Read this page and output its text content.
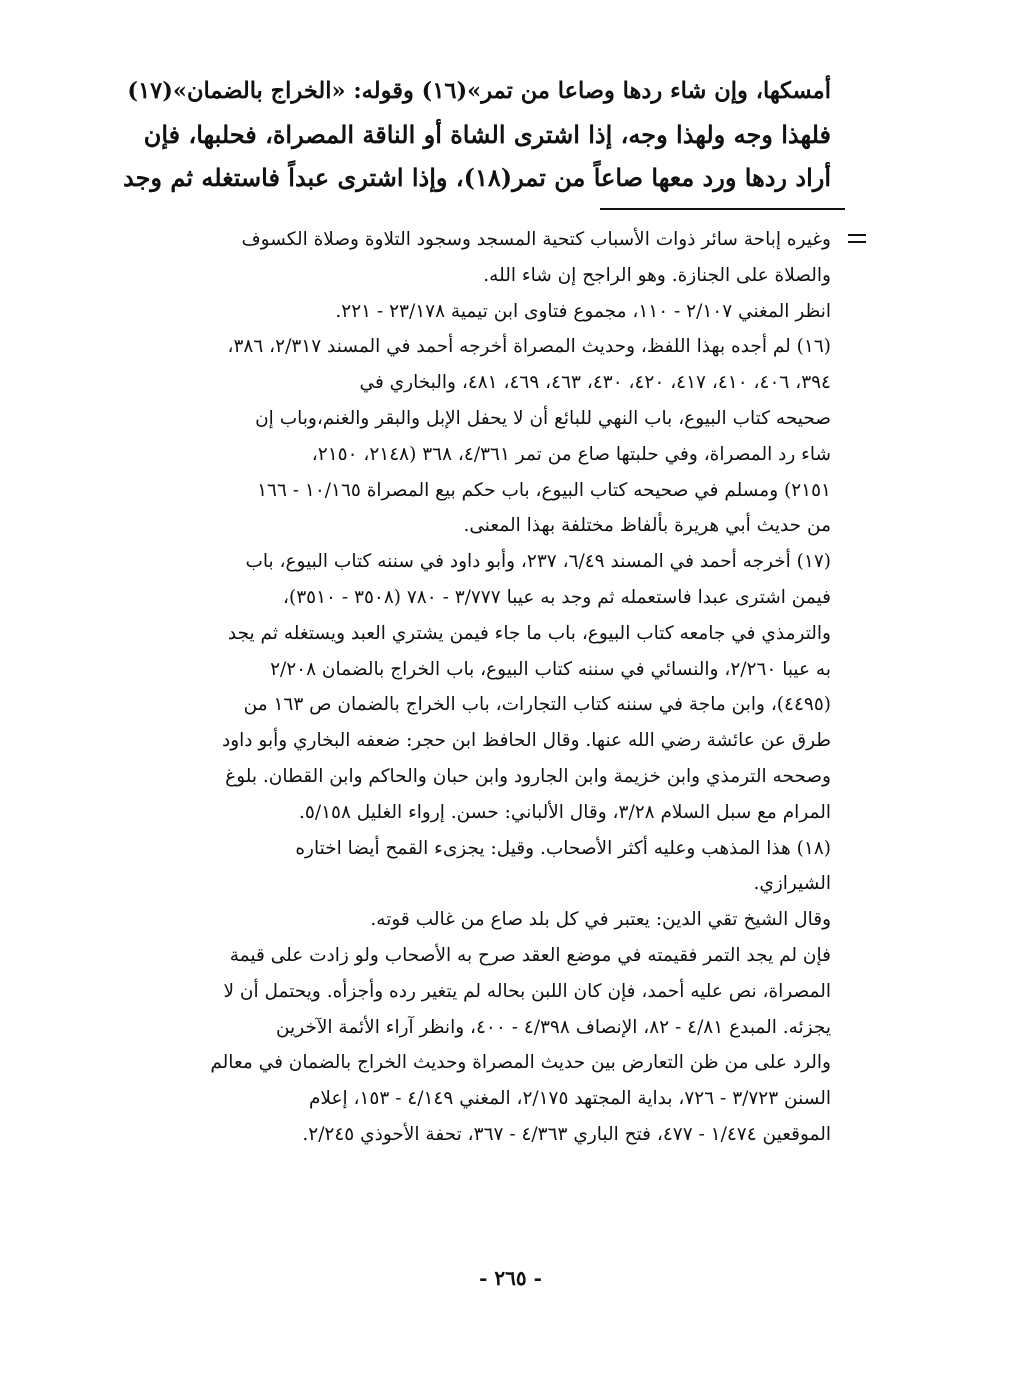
أمسكها، وإن شاء ردها وصاعا من تمر»(١٦) وقوله: «الخراج بالضمان»(١٧)
فلهذا وجه ولهذا وجه، إذا اشترى الشاة أو الناقة المصراة، فحلبها، فإن
أراد ردها ورد معها صاعاً من تمر(١٨)، وإذا اشترى عبداً فاستغله ثم وجد
وغيره إباحة سائر ذوات الأسباب كتحية المسجد وسجود التلاوة وصلاة الكسوف
والصلاة على الجنازة. وهو الراجح إن شاء الله.
انظر المغني ٢/١٠٧ - ١١٠، مجموع فتاوى ابن تيمية ٢٣/١٧٨ - ٢٢١.
(١٦) لم أجده بهذا اللفظ، وحديث المصراة أخرجه أحمد في المسند ٢/٣١٧، ٣٨٦،
٣٩٤، ٤٠٦، ٤١٠، ٤١٧، ٤٢٠، ٤٣٠، ٤٦٣، ٤٦٩، ٤٨١، والبخاري في
صحيحه كتاب البيوع، باب النهي للبائع أن لا يحفل الإبل والبقر والغنم،وباب إن
شاء رد المصراة، وفي حلبتها صاع من تمر ٤/٣٦١، ٣٦٨ (٢١٤٨، ٢١٥٠،
٢١٥١) ومسلم في صحيحه كتاب البيوع، باب حكم بيع المصراة ١٠/١٦٥ - ١٦٦
من حديث أبي هريرة بألفاظ مختلفة بهذا المعنى.
(١٧) أخرجه أحمد في المسند ٦/٤٩، ٢٣٧، وأبو داود في سننه كتاب البيوع، باب
فيمن اشترى عبدا فاستعمله ثم وجد به عيبا ٣/٧٧٧ - ٧٨٠ (٣٥٠٨ - ٣٥١٠)،
والترمذي في جامعه كتاب البيوع، باب ما جاء فيمن يشتري العبد ويستغله ثم يجد
به عيبا ٢/٢٦٠، والنسائي في سننه كتاب البيوع، باب الخراج بالضمان ٢/٢٠٨
(٤٤٩٥)، وابن ماجة في سننه كتاب التجارات، باب الخراج بالضمان ص ١٦٣ من
طرق عن عائشة رضي الله عنها. وقال الحافظ ابن حجر: ضعفه البخاري وأبو داود
وصححه الترمذي وابن خزيمة وابن الجارود وابن حبان والحاكم وابن القطان. بلوغ
المرام مع سبل السلام ٣/٢٨، وقال الألباني: حسن. إرواء الغليل ٥/١٥٨.
(١٨) هذا المذهب وعليه أكثر الأصحاب. وقيل: يجزىء القمح أيضا اختاره
الشيرازي.
وقال الشيخ تقي الدين: يعتبر في كل بلد صاع من غالب قوته.
فإن لم يجد التمر فقيمته في موضع العقد صرح به الأصحاب ولو زادت على قيمة
المصراة، نص عليه أحمد، فإن كان اللبن بحاله لم يتغير رده وأجزأه. ويحتمل أن لا
يجزئه. المبدع ٤/٨١ - ٨٢، الإنصاف ٤/٣٩٨ - ٤٠٠، وانظر آراء الأئمة الآخرين
والرد على من ظن التعارض بين حديث المصراة وحديث الخراج بالضمان في معالم
السنن ٣/٧٢٣ - ٧٢٦، بداية المجتهد ٢/١٧٥، المغني ٤/١٤٩ - ١٥٣، إعلام
الموقعين ١/٤٧٤ - ٤٧٧، فتح الباري ٤/٣٦٣ - ٣٦٧، تحفة الأحوذي ٢/٢٤٥.
- ٢٦٥ -
